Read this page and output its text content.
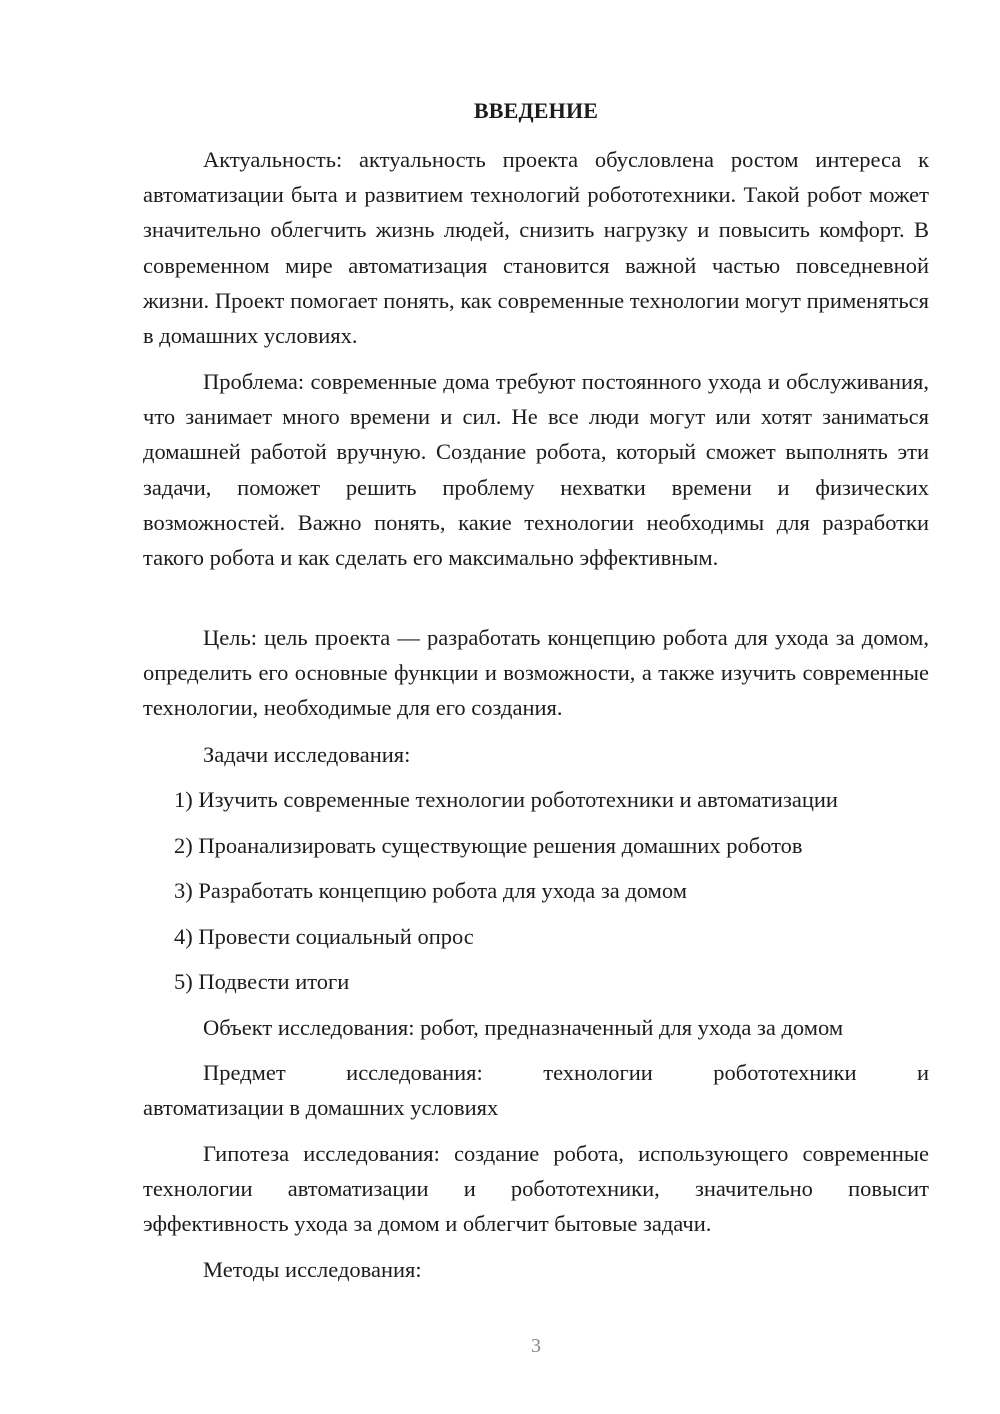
ВВЕДЕНИЕ

Актуальность: актуальность проекта обусловлена ростом интереса к автоматизации быта и развитием технологий робототехники. Такой робот может значительно облегчить жизнь людей, снизить нагрузку и повысить комфорт. В современном мире автоматизация становится важной частью повседневной жизни. Проект помогает понять, как современные технологии могут применяться в домашних условиях.

Проблема: современные дома требуют постоянного ухода и обслуживания, что занимает много времени и сил. Не все люди могут или хотят заниматься домашней работой вручную. Создание робота, который сможет выполнять эти задачи, поможет решить проблему нехватки времени и физических возможностей. Важно понять, какие технологии необходимы для разработки такого робота и как сделать его максимально эффективным.

Цель: цель проекта — разработать концепцию робота для ухода за домом, определить его основные функции и возможности, а также изучить современные технологии, необходимые для его создания.

Задачи исследования:

1) Изучить современные технологии робототехники и автоматизации

2) Проанализировать существующие решения домашних роботов

3) Разработать концепцию робота для ухода за домом

4) Провести социальный опрос

5) Подвести итоги

Объект исследования: робот, предназначенный для ухода за домом

Предмет	исследования:	технологии	робототехники	и

автоматизации в домашних условиях

Гипотеза исследования: создание робота, использующего современные технологии автоматизации и робототехники, значительно повысит эффективность ухода за домом и облегчит бытовые задачи.

Методы исследования:

3
